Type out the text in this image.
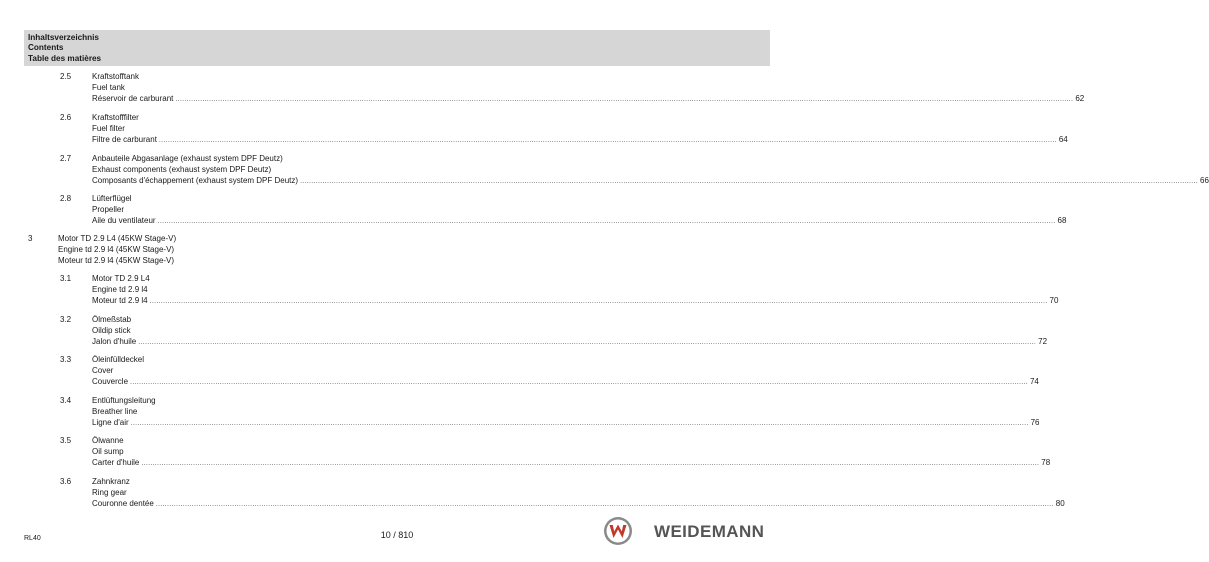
Inhaltsverzeichnis
Contents
Table des matières
2.5	Kraftstofftank
Fuel tank
Réservoir de carburant ................................................................................................................................................................................................................................................................................................................................................................................................................ 62
2.6	Kraftstofffilter
Fuel filter
Filtre de carburant ................................................................................................................................................................................................................................................................................................................................................................................................................ 64
2.7	Anbauteile Abgasanlage (exhaust system DPF Deutz)
Exhaust components (exhaust system DPF Deutz)
Composants d'échappement (exhaust system DPF Deutz) ................................................................................................................................................................................................................................................................................................................................................................................................................ 66
2.8	Lüfterflügel
Propeller
Aile du ventilateur ................................................................................................................................................................................................................................................................................................................................................................................................................ 68
3	Motor TD 2.9 L4 (45KW Stage-V)
Engine td 2.9 l4 (45KW Stage-V)
Moteur td 2.9 l4 (45KW Stage-V)
3.1	Motor TD 2.9 L4
Engine td 2.9 l4
Moteur td 2.9 l4 ................................................................................................................................................................................................................................................................................................................................................................................................................ 70
3.2	Ölmeßstab
Oildip stick
Jalon d'huile ................................................................................................................................................................................................................................................................................................................................................................................................................ 72
3.3	Öleinfülldeckel
Cover
Couvercle ................................................................................................................................................................................................................................................................................................................................................................................................................ 74
3.4	Entlüftungsleitung
Breather line
Ligne d'air ................................................................................................................................................................................................................................................................................................................................................................................................................ 76
3.5	Ölwanne
Oil sump
Carter d'huile ................................................................................................................................................................................................................................................................................................................................................................................................................ 78
3.6	Zahnkranz
Ring gear
Couronne dentée ................................................................................................................................................................................................................................................................................................................................................................................................................ 80
RL40	10 / 810	WEIDEMANN
